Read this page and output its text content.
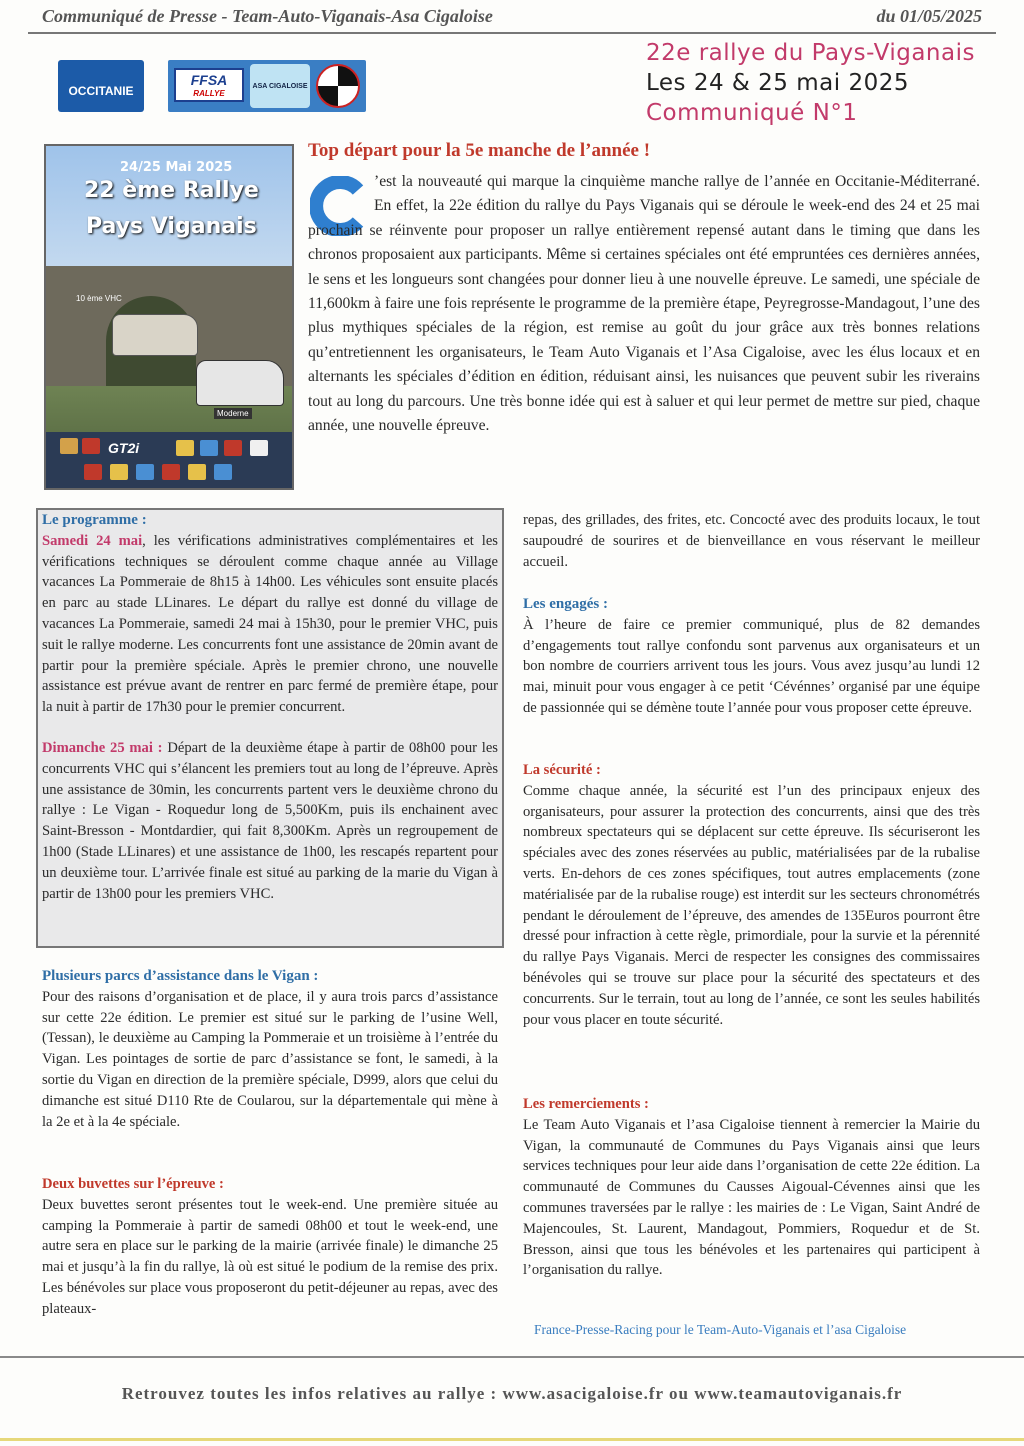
Communiqué de Presse - Team-Auto-Viganais-Asa Cigaloise	du 01/05/2025

OCCITANIE
FFSA
RALLYE
ASA CIGALOISE
22e rallye du Pays-Viganais
Les 24 & 25 mai 2025
Communiqué N°1
24/25 Mai 2025
22 ème Rallye
Pays Viganais
10 ème VHC
Moderne
GT2i
Top départ pour la 5e manche de l’année !
’est la nouveauté qui marque la cinquième manche rallye de l’année en Occitanie-Méditerrané. En effet, la 22e édition du rallye du Pays Viganais qui se déroule le week-end des 24 et 25 mai prochain se réinvente pour proposer un rallye entièrement repensé autant dans le timing que dans les chronos proposaient aux participants. Même si certaines spéciales ont été empruntées ces dernières années, le sens et les longueurs sont changées pour donner lieu à une nouvelle épreuve. Le samedi, une spéciale de 11,600km à faire une fois représente le programme de la première étape, Peyregrosse-Mandagout, l’une des plus mythiques spéciales de la région, est remise au goût du jour grâce aux très bonnes relations qu’entretiennent les organisateurs, le Team Auto Viganais et l’Asa Cigaloise, avec les élus locaux et en alternants les spéciales d’édition en édition, réduisant ainsi, les nuisances que peuvent subir les riverains tout au long du parcours. Une très bonne idée qui est à saluer et qui leur permet de mettre sur pied, chaque année, une nouvelle épreuve.
Le programme :
Samedi 24 mai, les vérifications administratives complémentaires et les vérifications techniques se déroulent comme chaque année au Village vacances La Pommeraie de 8h15 à 14h00. Les véhicules sont ensuite placés en parc au stade LLinares. Le départ du rallye est donné du village de vacances La Pommeraie, samedi 24 mai à 15h30, pour le premier VHC, puis suit le rallye moderne. Les concurrents font une assistance de 20min avant de partir pour la première spéciale. Après le premier chrono, une nouvelle assistance est prévue avant de rentrer en parc fermé de première étape, pour la nuit à partir de 17h30 pour le premier concurrent.
Dimanche 25 mai : Départ de la deuxième étape à partir de 08h00 pour les concurrents VHC qui s’élancent les premiers tout au long de l’épreuve. Après une assistance de 30min, les concurrents partent vers le deuxième chrono du rallye : Le Vigan - Roquedur long de 5,500Km, puis ils enchainent avec Saint-Bresson - Montdardier, qui fait 8,300Km. Après un regroupement de 1h00 (Stade LLinares) et une assistance de 1h00, les rescapés repartent pour un deuxième tour. L’arrivée finale est situé au parking de la marie du Vigan à partir de 13h00 pour les premiers VHC.
Plusieurs parcs d’assistance dans le Vigan :
Pour des raisons d’organisation et de place, il y aura trois parcs d’assistance sur cette 22e édition. Le premier est situé sur le parking de l’usine Well, (Tessan), le deuxième au Camping la Pommeraie et un troisième à l’entrée du Vigan. Les pointages de sortie de parc d’assistance se font, le samedi, à la sortie du Vigan en direction de la première spéciale, D999, alors que celui du dimanche est situé D110 Rte de Coularou, sur la départementale qui mène à la 2e et à la 4e spéciale.
Deux buvettes sur l’épreuve :
Deux buvettes seront présentes tout le week-end. Une première située au camping la Pommeraie à partir de samedi 08h00 et tout le week-end, une autre sera en place sur le parking de la mairie (arrivée finale) le dimanche 25 mai et jusqu’à la fin du rallye, là où est situé le podium de la remise des prix. Les bénévoles sur place vous proposeront du petit-déjeuner au repas, avec des plateaux-
repas, des grillades, des frites, etc. Concocté avec des produits locaux, le tout saupoudré de sourires et de bienveillance en vous réservant le meilleur accueil.
Les engagés :
À l’heure de faire ce premier communiqué, plus de 82 demandes d’engagements tout rallye confondu sont parvenus aux organisateurs et un bon nombre de courriers arrivent tous les jours. Vous avez jusqu’au lundi 12 mai, minuit pour vous engager à ce petit ‘Cévénnes’ organisé par une équipe de passionnée qui se démène toute l’année pour vous proposer cette épreuve.
La sécurité :
Comme chaque année, la sécurité est l’un des principaux enjeux des organisateurs, pour assurer la protection des concurrents, ainsi que des très nombreux spectateurs qui se déplacent sur cette épreuve. Ils sécuriseront les spéciales avec des zones réservées au public, matérialisées par de la rubalise verts. En-dehors de ces zones spécifiques, tout autres emplacements (zone matérialisée par de la rubalise rouge) est interdit sur les secteurs chronométrés pendant le déroulement de l’épreuve, des amendes de 135Euros pourront être dressé pour infraction à cette règle, primordiale, pour la survie et la pérennité du rallye Pays Viganais. Merci de respecter les consignes des commissaires bénévoles qui se trouve sur place pour la sécurité des spectateurs et des concurrents. Sur le terrain, tout au long de l’année, ce sont les seules habilités pour vous placer en toute sécurité.
Les remerciements :
Le Team Auto Viganais et l’asa Cigaloise tiennent à remercier la Mairie du Vigan, la communauté de Communes du Pays Viganais ainsi que leurs services techniques pour leur aide dans l’organisation de cette 22e édition. La communauté de Communes du Causses Aigoual-Cévennes ainsi que les communes traversées par le rallye : les mairies de : Le Vigan, Saint André de Majencoules, St. Laurent, Mandagout, Pommiers, Roquedur et de St. Bresson, ainsi que tous les bénévoles et les partenaires qui participent à l’organisation du rallye.
France-Presse-Racing pour le Team-Auto-Viganais et l’asa Cigaloise
Retrouvez toutes les infos relatives au rallye : www.asacigaloise.fr ou www.teamautoviganais.fr
